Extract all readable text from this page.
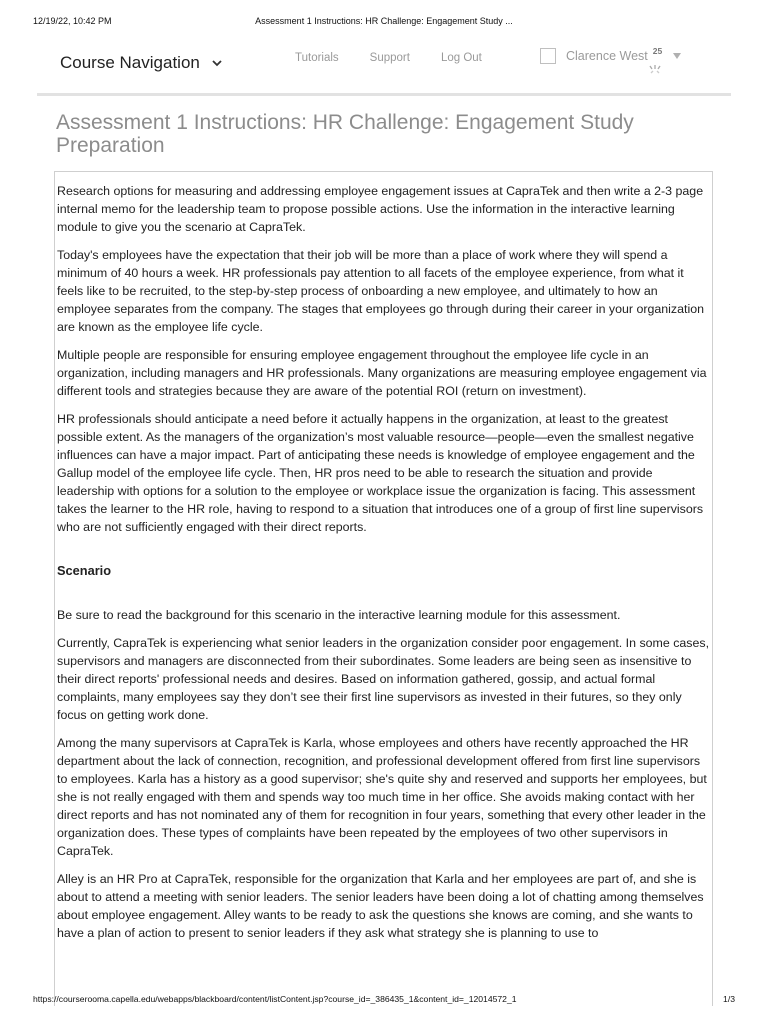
12/19/22, 10:42 PM	Assessment 1 Instructions: HR Challenge: Engagement Study ...
Course Navigation	Tutorials	Support	Log Out	Clarence West 25
Assessment 1 Instructions: HR Challenge: Engagement Study Preparation

Research options for measuring and addressing employee engagement issues at CapraTek and then write a 2-3 page internal memo for the leadership team to propose possible actions. Use the information in the interactive learning module to give you the scenario at CapraTek.

Today's employees have the expectation that their job will be more than a place of work where they will spend a minimum of 40 hours a week. HR professionals pay attention to all facets of the employee experience, from what it feels like to be recruited, to the step-by-step process of onboarding a new employee, and ultimately to how an employee separates from the company. The stages that employees go through during their career in your organization are known as the employee life cycle.

Multiple people are responsible for ensuring employee engagement throughout the employee life cycle in an organization, including managers and HR professionals. Many organizations are measuring employee engagement via different tools and strategies because they are aware of the potential ROI (return on investment).

HR professionals should anticipate a need before it actually happens in the organization, at least to the greatest possible extent. As the managers of the organization’s most valuable resource—people—even the smallest negative influences can have a major impact. Part of anticipating these needs is knowledge of employee engagement and the Gallup model of the employee life cycle. Then, HR pros need to be able to research the situation and provide leadership with options for a solution to the employee or workplace issue the organization is facing. This assessment takes the learner to the HR role, having to respond to a situation that introduces one of a group of first line supervisors who are not sufficiently engaged with their direct reports.

Scenario

Be sure to read the background for this scenario in the interactive learning module for this assessment.

Currently, CapraTek is experiencing what senior leaders in the organization consider poor engagement. In some cases, supervisors and managers are disconnected from their subordinates. Some leaders are being seen as insensitive to their direct reports' professional needs and desires. Based on information gathered, gossip, and actual formal complaints, many employees say they don’t see their first line supervisors as invested in their futures, so they only focus on getting work done.

Among the many supervisors at CapraTek is Karla, whose employees and others have recently approached the HR department about the lack of connection, recognition, and professional development offered from first line supervisors to employees. Karla has a history as a good supervisor; she's quite shy and reserved and supports her employees, but she is not really engaged with them and spends way too much time in her office. She avoids making contact with her direct reports and has not nominated any of them for recognition in four years, something that every other leader in the organization does. These types of complaints have been repeated by the employees of two other supervisors in CapraTek.

Alley is an HR Pro at CapraTek, responsible for the organization that Karla and her employees are part of, and she is about to attend a meeting with senior leaders. The senior leaders have been doing a lot of chatting among themselves about employee engagement. Alley wants to be ready to ask the questions she knows are coming, and she wants to have a plan of action to present to senior leaders if they ask what strategy she is planning to use to

https://courserooma.capella.edu/webapps/blackboard/content/listContent.jsp?course_id=_386435_1&content_id=_12014572_1	1/3
